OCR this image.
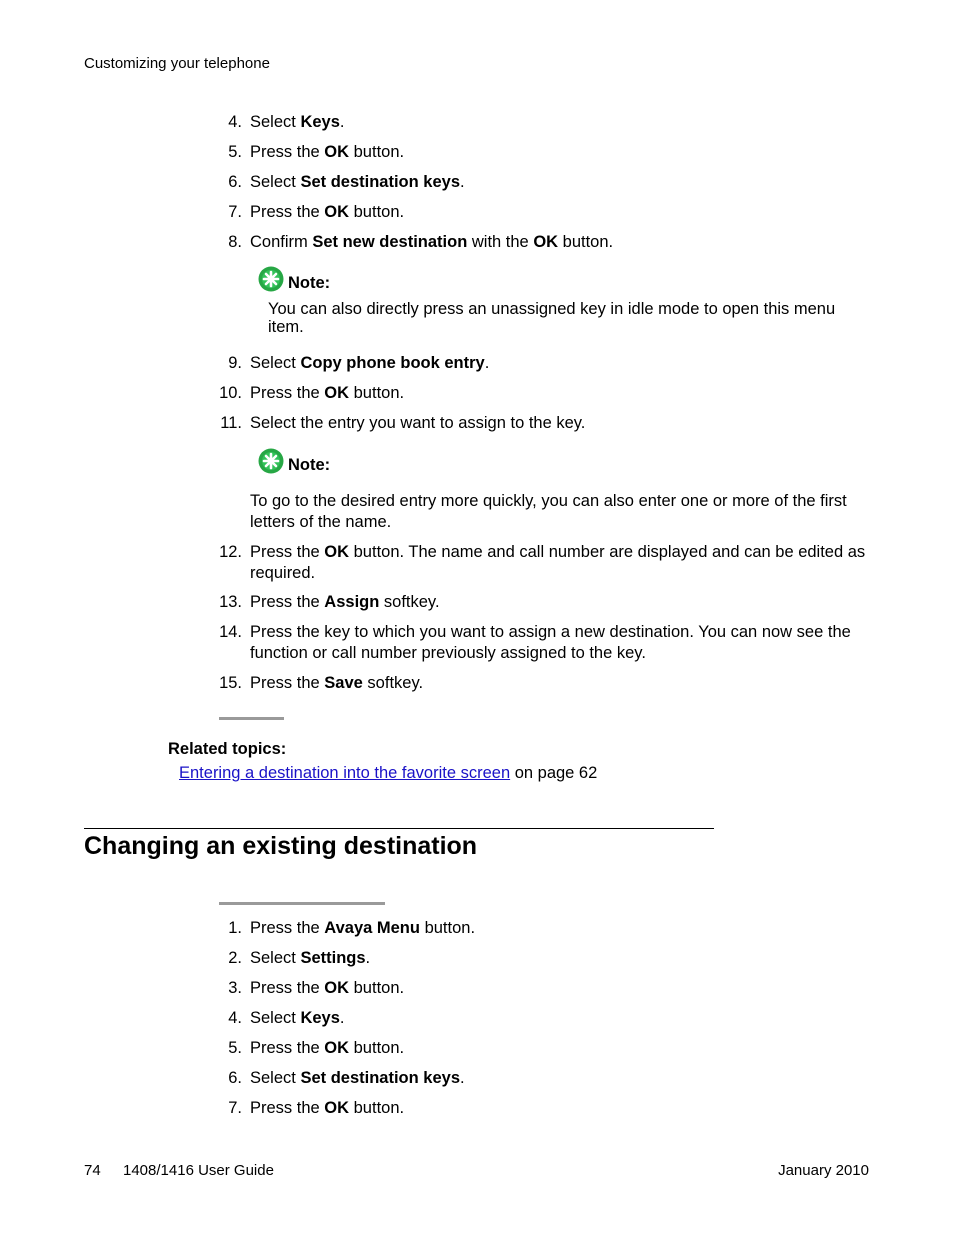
Customizing your telephone
4. Select Keys.
5. Press the OK button.
6. Select Set destination keys.
7. Press the OK button.
8. Confirm Set new destination with the OK button.
Note:
You can also directly press an unassigned key in idle mode to open this menu item.
9. Select Copy phone book entry.
10. Press the OK button.
11. Select the entry you want to assign to the key.
Note:
To go to the desired entry more quickly, you can also enter one or more of the first letters of the name.
12. Press the OK button. The name and call number are displayed and can be edited as required.
13. Press the Assign softkey.
14. Press the key to which you want to assign a new destination. You can now see the function or call number previously assigned to the key.
15. Press the Save softkey.
Related topics:
Entering a destination into the favorite screen on page 62
Changing an existing destination
1. Press the Avaya Menu button.
2. Select Settings.
3. Press the OK button.
4. Select Keys.
5. Press the OK button.
6. Select Set destination keys.
7. Press the OK button.
74 1408/1416 User Guide	January 2010
